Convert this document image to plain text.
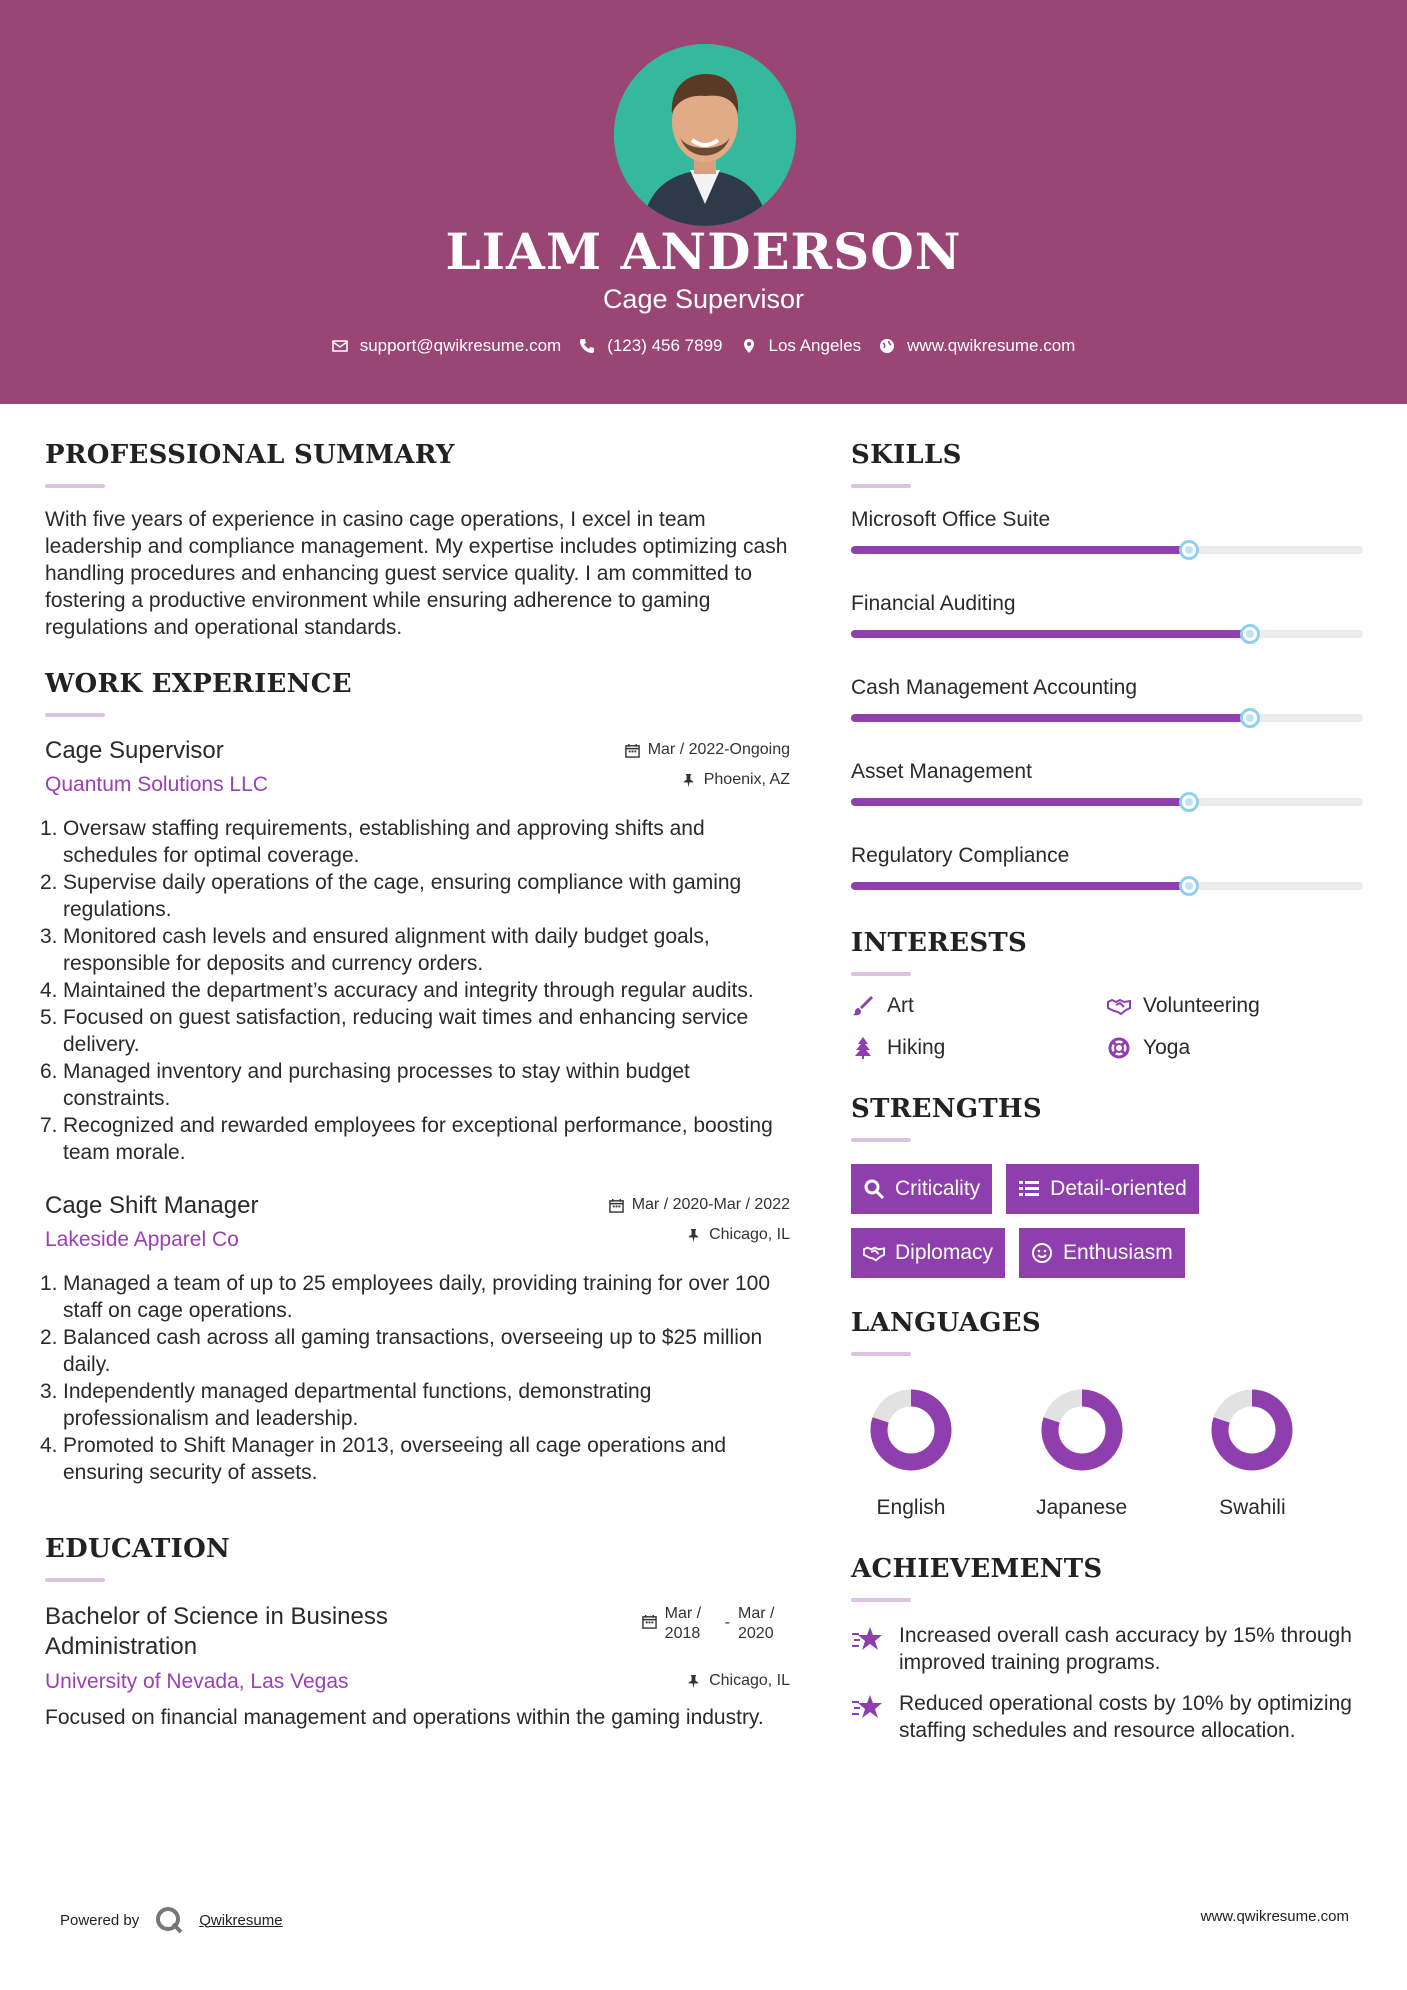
LIAM ANDERSON
Cage Supervisor
support@qwikresume.com	(123) 456 7899	Los Angeles	www.qwikresume.com
PROFESSIONAL SUMMARY

With five years of experience in casino cage operations, I excel in team leadership and compliance management. My expertise includes optimizing cash handling procedures and enhancing guest service quality. I am committed to fostering a productive environment while ensuring adherence to gaming regulations and operational standards.

WORK EXPERIENCE
Cage Supervisor
Quantum Solutions LLC
Mar / 2022-Ongoing
Phoenix, AZ
1. Oversaw staffing requirements, establishing and approving shifts and schedules for optimal coverage.
2. Supervise daily operations of the cage, ensuring compliance with gaming regulations.
3. Monitored cash levels and ensured alignment with daily budget goals, responsible for deposits and currency orders.
4. Maintained the department’s accuracy and integrity through regular audits.
5. Focused on guest satisfaction, reducing wait times and enhancing service delivery.
6. Managed inventory and purchasing processes to stay within budget constraints.
7. Recognized and rewarded employees for exceptional performance, boosting team morale.
Cage Shift Manager
Lakeside Apparel Co
Mar / 2020-Mar / 2022
Chicago, IL
1. Managed a team of up to 25 employees daily, providing training for over 100 staff on cage operations.
2. Balanced cash across all gaming transactions, overseeing up to $25 million daily.
3. Independently managed departmental functions, demonstrating professionalism and leadership.
4. Promoted to Shift Manager in 2013, overseeing all cage operations and ensuring security of assets.
EDUCATION
Bachelor of Science in Business Administration
University of Nevada, Las Vegas
Mar / 2018
-
Mar / 2020
Chicago, IL

Focused on financial management and operations within the gaming industry.

SKILLS
Microsoft Office Suite
Financial Auditing
Cash Management Accounting
Asset Management
Regulatory Compliance
INTERESTS
Art	Volunteering
Hiking	Yoga
STRENGTHS
Criticality	Detail-oriented
Diplomacy	Enthusiasm
LANGUAGES
English	Japanese	Swahili
ACHIEVEMENTS
Increased overall cash accuracy by 15% through improved training programs.
Reduced operational costs by 10% by optimizing staffing schedules and resource allocation.
Powered by	Qwikresume	www.qwikresume.com
